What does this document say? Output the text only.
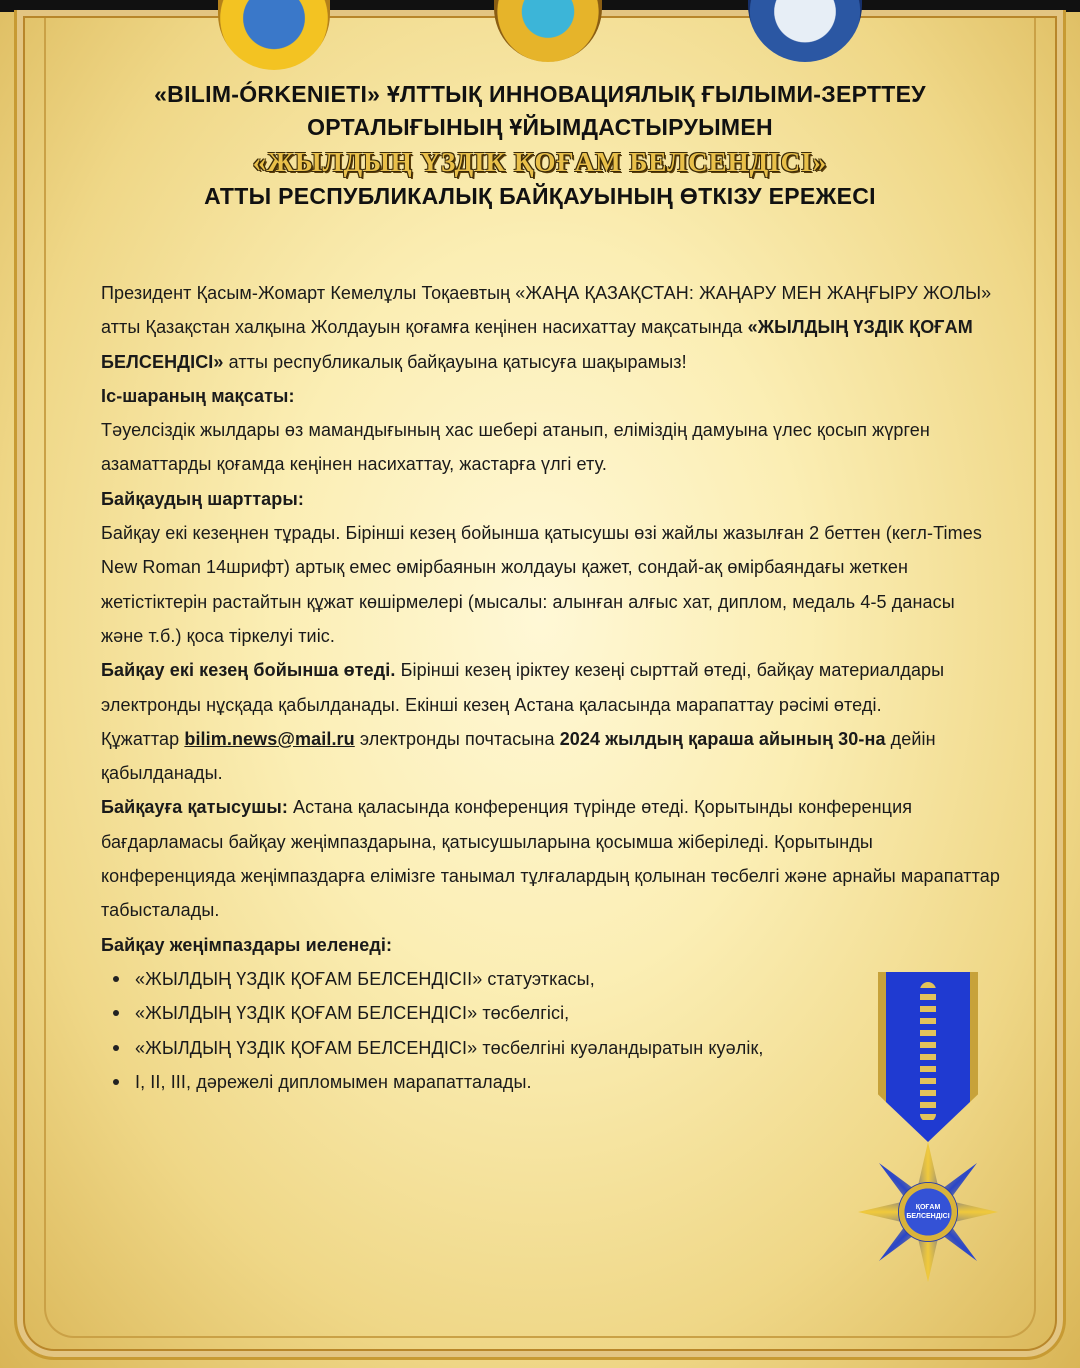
«BILIM-ÓRKENIETI» ҰЛТТЫҚ ИННОВАЦИЯЛЫҚ ҒЫЛЫМИ-ЗЕРТТЕУ
ОРТАЛЫҒЫНЫҢ ҰЙЫМДАСТЫРУЫМЕН
«ЖЫЛДЫҢ ҮЗДІК ҚОҒАМ БЕЛСЕНДІСІ»
АТТЫ РЕСПУБЛИКАЛЫҚ БАЙҚАУЫНЫҢ ӨТКІЗУ ЕРЕЖЕСІ

Президент Қасым-Жомарт Кемелұлы Тоқаевтың «ЖАҢА ҚАЗАҚСТАН: ЖАҢАРУ МЕН ЖАҢҒЫРУ ЖОЛЫ» атты Қазақстан халқына Жолдауын қоғамға кеңінен насихаттау мақсатында «ЖЫЛДЫҢ ҮЗДІК ҚОҒАМ БЕЛСЕНДІСІ» атты республикалық байқауына қатысуға шақырамыз!

Іс-шараның мақсаты:

Тәуелсіздік жылдары өз мамандығының хас шебері атанып, еліміздің дамуына үлес қосып жүрген азаматтарды қоғамда кеңінен насихаттау, жастарға үлгі ету.

Байқаудың шарттары:

Байқау екі кезеңнен тұрады. Бірінші кезең бойынша қатысушы өзі жайлы жазылған 2 беттен (кегл-Times New Roman 14шрифт) артық емес өмірбаянын жолдауы қажет, сондай-ақ өмірбаяндағы жеткен жетістіктерін растайтын құжат көшірмелері (мысалы: алынған алғыс хат, диплом, медаль 4-5 данасы және т.б.) қоса тіркелуі тиіс.

Байқау екі кезең бойынша өтеді. Бірінші кезең іріктеу кезеңі сырттай өтеді, байқау материалдары электронды нұсқада қабылданады. Екінші кезең Астана қаласында марапаттау рәсімі өтеді.

Құжаттар bilim.news@mail.ru электронды почтасына 2024 жылдың қараша айының 30-на дейін қабылданады.

Байқауға қатысушы: Астана қаласында конференция түрінде өтеді. Қорытынды конференция бағдарламасы байқау жеңімпаздарына, қатысушыларына қосымша жіберіледі. Қорытынды конференцияда жеңімпаздарға елімізге танымал тұлғалардың қолынан төсбелгі және арнайы марапаттар табысталады.

Байқау жеңімпаздары иеленеді:

«ЖЫЛДЫҢ ҮЗДІК ҚОҒАМ БЕЛСЕНДІСІІ» статуэткасы,
«ЖЫЛДЫҢ ҮЗДІК ҚОҒАМ БЕЛСЕНДІСІ» төсбелгісі,
«ЖЫЛДЫҢ ҮЗДІК ҚОҒАМ БЕЛСЕНДІСІ» төсбелгіні куәландыратын куәлік,
І, ІІ, ІІІ, дәрежелі дипломымен марапатталады.
ҚОҒАМ
БЕЛСЕНДІСІ
